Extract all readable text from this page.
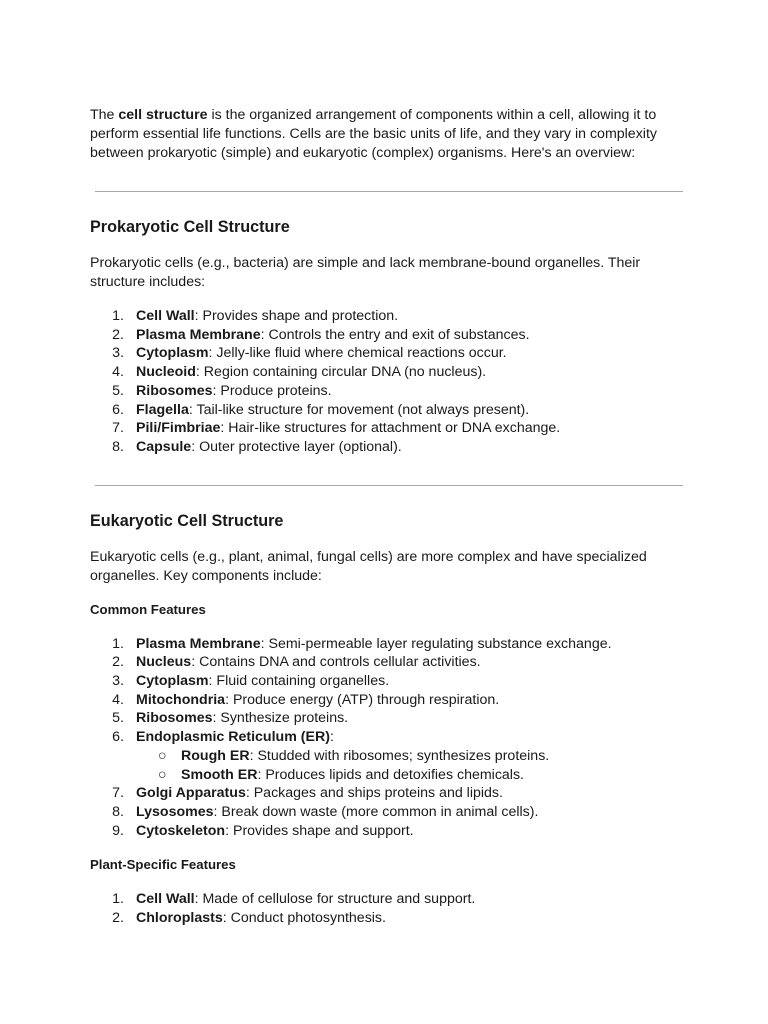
The cell structure is the organized arrangement of components within a cell, allowing it to perform essential life functions. Cells are the basic units of life, and they vary in complexity between prokaryotic (simple) and eukaryotic (complex) organisms. Here's an overview:

Prokaryotic Cell Structure

Prokaryotic cells (e.g., bacteria) are simple and lack membrane-bound organelles. Their structure includes:

1. Cell Wall: Provides shape and protection.
2. Plasma Membrane: Controls the entry and exit of substances.
3. Cytoplasm: Jelly-like fluid where chemical reactions occur.
4. Nucleoid: Region containing circular DNA (no nucleus).
5. Ribosomes: Produce proteins.
6. Flagella: Tail-like structure for movement (not always present).
7. Pili/Fimbriae: Hair-like structures for attachment or DNA exchange.
8. Capsule: Outer protective layer (optional).
Eukaryotic Cell Structure

Eukaryotic cells (e.g., plant, animal, fungal cells) are more complex and have specialized organelles. Key components include:

Common Features
1. Plasma Membrane: Semi-permeable layer regulating substance exchange.
2. Nucleus: Contains DNA and controls cellular activities.
3. Cytoplasm: Fluid containing organelles.
4. Mitochondria: Produce energy (ATP) through respiration.
5. Ribosomes: Synthesize proteins.
6. Endoplasmic Reticulum (ER):
○ Rough ER: Studded with ribosomes; synthesizes proteins.
○ Smooth ER: Produces lipids and detoxifies chemicals.
7. Golgi Apparatus: Packages and ships proteins and lipids.
8. Lysosomes: Break down waste (more common in animal cells).
9. Cytoskeleton: Provides shape and support.
Plant-Specific Features
1. Cell Wall: Made of cellulose for structure and support.
2. Chloroplasts: Conduct photosynthesis.
